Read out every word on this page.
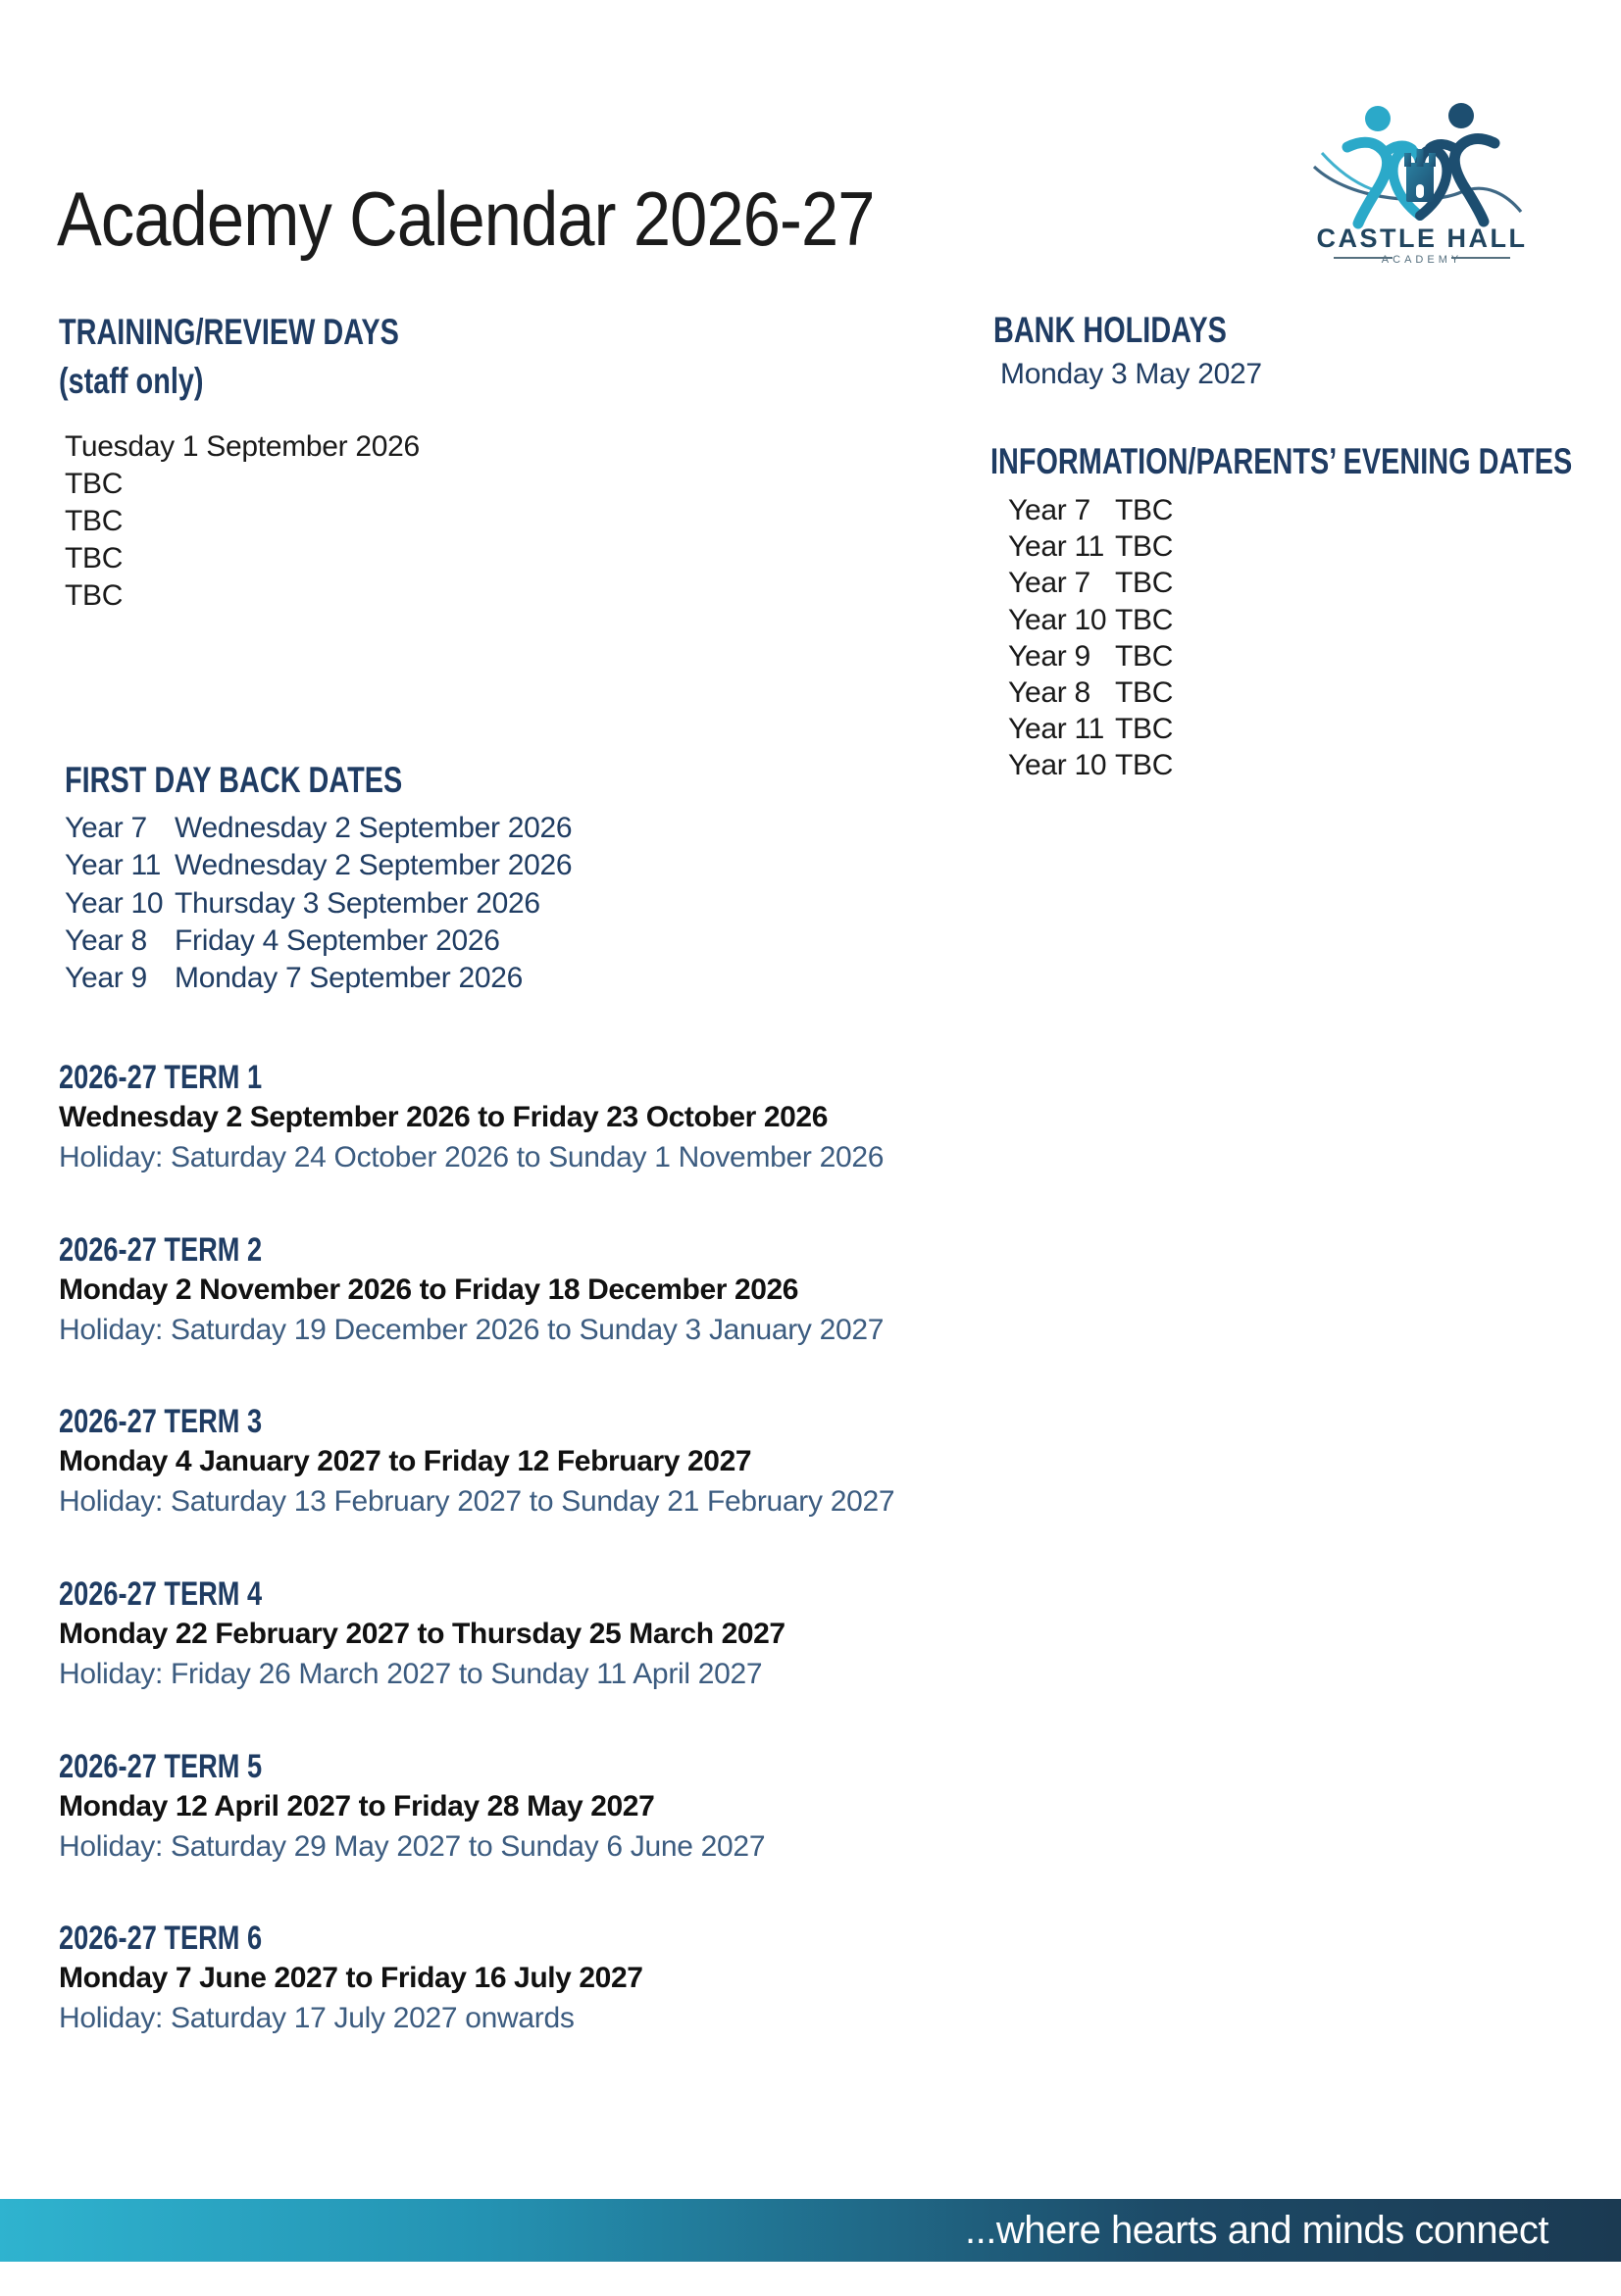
Academy Calendar 2026-27	CASTLE HALL
ACADEMY
TRAINING/REVIEW DAYS
(staff only)
Tuesday 1 September 2026
TBC
TBC
TBC
TBC
FIRST DAY BACK DATES
Year 7 Wednesday 2 September 2026
Year 11 Wednesday 2 September 2026
Year 10 Thursday 3 September 2026
Year 8 Friday 4 September 2026
Year 9 Monday 7 September 2026
2026-27 TERM 1
Wednesday 2 September 2026 to Friday 23 October 2026
Holiday: Saturday 24 October 2026 to Sunday 1 November 2026
2026-27 TERM 2
Monday 2 November 2026 to Friday 18 December 2026
Holiday: Saturday 19 December 2026 to Sunday 3 January 2027
2026-27 TERM 3
Monday 4 January 2027 to Friday 12 February 2027
Holiday: Saturday 13 February 2027 to Sunday 21 February 2027
2026-27 TERM 4
Monday 22 February 2027 to Thursday 25 March 2027
Holiday: Friday 26 March 2027 to Sunday 11 April 2027
2026-27 TERM 5
Monday 12 April 2027 to Friday 28 May 2027
Holiday: Saturday 29 May 2027 to Sunday 6 June 2027
2026-27 TERM 6
Monday 7 June 2027 to Friday 16 July 2027
Holiday: Saturday 17 July 2027 onwards
BANK HOLIDAYS
Monday 3 May 2027
INFORMATION/PARENTS’ EVENING DATES
Year 7 TBC
Year 11 TBC
Year 7 TBC
Year 10 TBC
Year 9 TBC
Year 8 TBC
Year 11 TBC
Year 10 TBC
...where hearts and minds connect
